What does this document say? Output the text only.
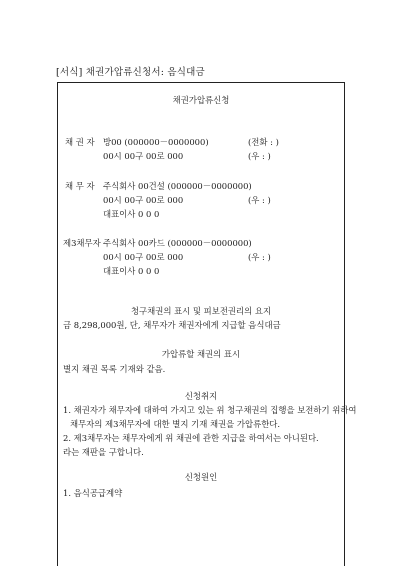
[서식] 채권가압류신청서: 음식대금
채권가압류신청
채 권 자 방00 (000000－0000000)	(전화 : )
00시 00구 00로 000	(우 : )
채 무 자 주식회사 00건설 (000000－0000000)
00시 00구 00로 000	(우 : )
대표이사 0 0 0
제3채무자 주식회사 00카드 (000000－0000000)
00시 00구 00로 000	(우 : )
대표이사 0 0 0
청구채권의 표시 및 피보전권리의 요지
금 8,298,000원, 단, 채무자가 채권자에게 지급할 음식대금
가압류할 채권의 표시
별지 채권 목록 기재와 같음.
신청취지
1. 채권자가 채무자에 대하여 가지고 있는 위 청구채권의 집행을 보전하기 위하여
채무자의 제3채무자에 대한 별지 기재 채권을 가압류한다.
2. 제3채무자는 채무자에게 위 채권에 관한 지급을 하여서는 아니된다.
라는 재판을 구합니다.
신청원인
1. 음식공급계약
